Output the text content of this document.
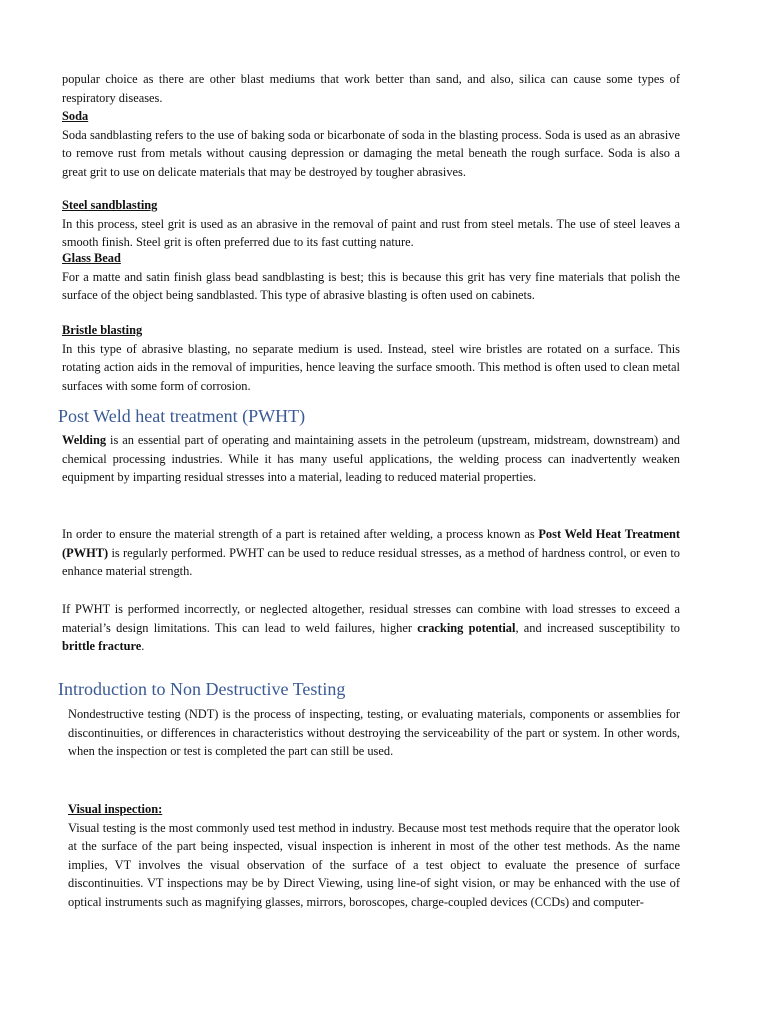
popular choice as there are other blast mediums that work better than sand, and also, silica can cause some types of respiratory diseases.

Soda

Soda sandblasting refers to the use of baking soda or bicarbonate of soda in the blasting process. Soda is used as an abrasive to remove rust from metals without causing depression or damaging the metal beneath the rough surface. Soda is also a great grit to use on delicate materials that may be destroyed by tougher abrasives.

Steel sandblasting

In this process, steel grit is used as an abrasive in the removal of paint and rust from steel metals. The use of steel leaves a smooth finish. Steel grit is often preferred due to its fast cutting nature.

Glass Bead

For a matte and satin finish glass bead sandblasting is best; this is because this grit has very fine materials that polish the surface of the object being sandblasted. This type of abrasive blasting is often used on cabinets.

Bristle blasting

In this type of abrasive blasting, no separate medium is used. Instead, steel wire bristles are rotated on a surface. This rotating action aids in the removal of impurities, hence leaving the surface smooth. This method is often used to clean metal surfaces with some form of corrosion.

Post Weld heat treatment (PWHT)

Welding is an essential part of operating and maintaining assets in the petroleum (upstream, midstream, downstream) and chemical processing industries. While it has many useful applications, the welding process can inadvertently weaken equipment by imparting residual stresses into a material, leading to reduced material properties.

In order to ensure the material strength of a part is retained after welding, a process known as Post Weld Heat Treatment (PWHT) is regularly performed. PWHT can be used to reduce residual stresses, as a method of hardness control, or even to enhance material strength.

If PWHT is performed incorrectly, or neglected altogether, residual stresses can combine with load stresses to exceed a material’s design limitations. This can lead to weld failures, higher cracking potential, and increased susceptibility to brittle fracture.

Introduction to Non Destructive Testing

Nondestructive testing (NDT) is the process of inspecting, testing, or evaluating materials, components or assemblies for discontinuities, or differences in characteristics without destroying the serviceability of the part or system. In other words, when the inspection or test is completed the part can still be used.

Visual inspection:

Visual testing is the most commonly used test method in industry. Because most test methods require that the operator look at the surface of the part being inspected, visual inspection is inherent in most of the other test methods. As the name implies, VT involves the visual observation of the surface of a test object to evaluate the presence of surface discontinuities. VT inspections may be by Direct Viewing, using line-of sight vision, or may be enhanced with the use of optical instruments such as magnifying glasses, mirrors, boroscopes, charge-coupled devices (CCDs) and computer-
